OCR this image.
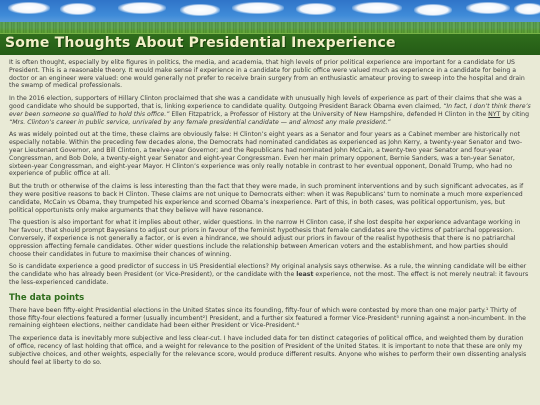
Some Thoughts About Presidential Inexperience

It is often thought, especially by elite figures in politics, the media, and academia, that high levels of prior political experience are important for a candidate for US President. This is a reasonable theory. It would make sense if experience in a candidate for public office were valued much as experience in a candidate for being a doctor or an engineer were valued: one would generally not prefer to receive brain surgery from an enthusiastic amateur proving to sweep into the hospital and drain the swamp of medical professionals.

In the 2016 election, supporters of Hillary Clinton proclaimed that she was a candidate with unusually high levels of experience as part of their claims that she was a good candidate who should be supported, that is, linking experience to candidate quality. Outgoing President Barack Obama even claimed, “In fact, I don’t think there’s ever been someone so qualified to hold this office.” Ellen Fitzpatrick, a Professor of History at the University of New Hampshire, defended H Clinton in the NYT by citing “Mrs. Clinton’s career in public service, unrivaled by any female presidential candidate — and almost any male president.”

As was widely pointed out at the time, these claims are obviously false: H Clinton’s eight years as a Senator and four years as a Cabinet member are historically not especially notable. Within the preceding few decades alone, the Democrats had nominated candidates as experienced as John Kerry, a twenty-year Senator and two-year Lieutenant Governor, and Bill Clinton, a twelve-year Governor; and the Republicans had nominated John McCain, a twenty-two year Senator and four-year Congressman, and Bob Dole, a twenty-eight year Senator and eight-year Congressman. Even her main primary opponent, Bernie Sanders, was a ten-year Senator, sixteen-year Congressman, and eight-year Mayor. H Clinton’s experience was only really notable in contrast to her eventual opponent, Donald Trump, who had no experience of public office at all.

But the truth or otherwise of the claims is less interesting than the fact that they were made, in such prominent interventions and by such significant advocates, as if they were positive reasons to back H Clinton. These claims are not unique to Democrats either: when it was Republicans’ turn to nominate a much more experienced candidate, McCain vs Obama, they trumpeted his experience and scorned Obama’s inexperience. Part of this, in both cases, was political opportunism, yes, but political opportunists only make arguments that they believe will have resonance.

The question is also important for what it implies about other, wider questions. In the narrow H Clinton case, if she lost despite her experience advantage working in her favour, that should prompt Bayesians to adjust our priors in favour of the feminist hypothesis that female candidates are the victims of patriarchal oppression. Conversely, if experience is not generally a factor, or is even a hindrance, we should adjust our priors in favour of the realist hypothesis that there is no patriarchal oppression affecting female candidates. Other wider questions include the relationship between American voters and the establishment, and how parties should choose their candidates in future to maximise their chances of winning.

So is candidate experience a good predictor of success in US Presidential elections? My original analysis says otherwise. As a rule, the winning candidate will be either the candidate who has already been President (or Vice-President), or the candidate with the least experience, not the most. The effect is not merely neutral: it favours the less-experienced candidate.

The data points

There have been fifty-eight Presidential elections in the United States since its founding, fifty-four of which were contested by more than one major party.¹ Thirty of those fifty-four elections featured a former (usually incumbent²) President, and a further six featured a former Vice-President³ running against a non-incumbent. In the remaining eighteen elections, neither candidate had been either President or Vice-President.⁴

The experience data is inevitably more subjective and less clear-cut. I have included data for ten distinct categories of political office, and weighted them by duration of office, recency of last holding that office, and a weight for relevance to the position of President of the United States. It is important to note that these are only my subjective choices, and other weights, especially for the relevance score, would produce different results. Anyone who wishes to perform their own dissenting analysis should feel at liberty to do so.
